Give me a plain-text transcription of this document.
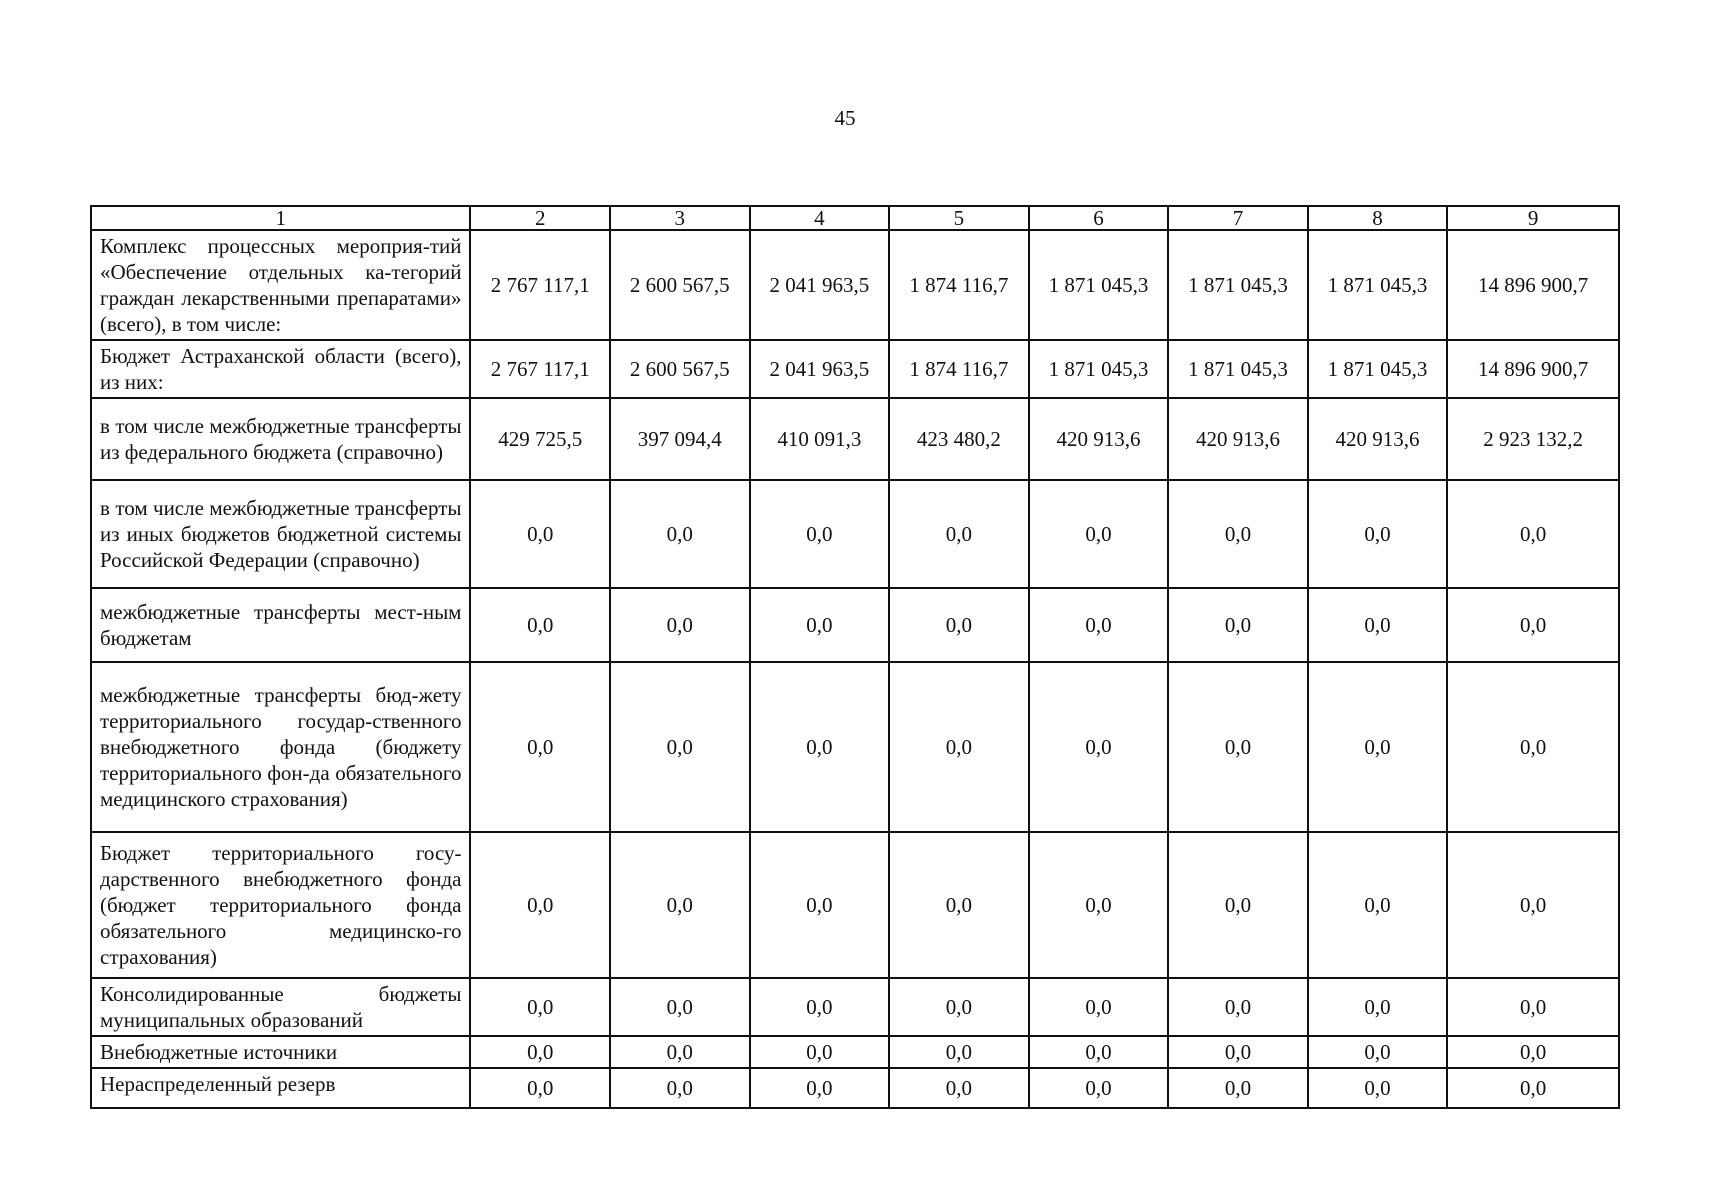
45
1	2	3	4	5	6	7	8	9
Комплекс процессных мероприя-тий «Обеспечение отдельных ка-тегорий граждан лекарственными препаратами» (всего), в том числе:	2 767 117,1	2 600 567,5	2 041 963,5	1 874 116,7	1 871 045,3	1 871 045,3	1 871 045,3	14 896 900,7
Бюджет Астраханской области (всего), из них:	2 767 117,1	2 600 567,5	2 041 963,5	1 874 116,7	1 871 045,3	1 871 045,3	1 871 045,3	14 896 900,7
в том числе межбюджетные трансферты из федерального бюджета (справочно)	429 725,5	397 094,4	410 091,3	423 480,2	420 913,6	420 913,6	420 913,6	2 923 132,2
в том числе межбюджетные трансферты из иных бюджетов бюджетной системы Российской Федерации (справочно)	0,0	0,0	0,0	0,0	0,0	0,0	0,0	0,0
межбюджетные трансферты мест-ным бюджетам	0,0	0,0	0,0	0,0	0,0	0,0	0,0	0,0
межбюджетные трансферты бюд-жету территориального государ-ственного внебюджетного фонда (бюджету территориального фон-да обязательного медицинского страхования)	0,0	0,0	0,0	0,0	0,0	0,0	0,0	0,0
Бюджет территориального госу-дарственного внебюджетного фонда (бюджет территориального фонда обязательного медицинско-го страхования)	0,0	0,0	0,0	0,0	0,0	0,0	0,0	0,0
Консолидированные бюджеты муниципальных образований	0,0	0,0	0,0	0,0	0,0	0,0	0,0	0,0
Внебюджетные источники	0,0	0,0	0,0	0,0	0,0	0,0	0,0	0,0
Нераспределенный резерв	0,0	0,0	0,0	0,0	0,0	0,0	0,0	0,0
